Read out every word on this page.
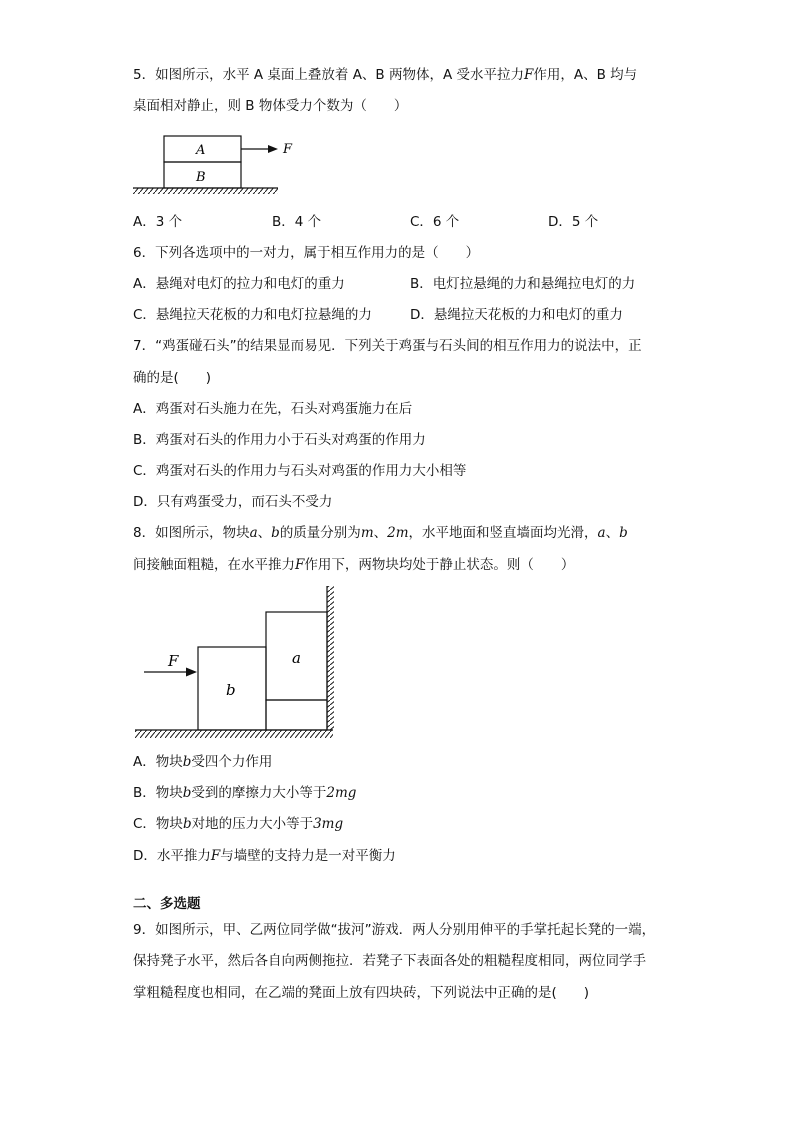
5．如图所示，水平 A 桌面上叠放着 A、B 两物体，A 受水平拉力F作用，A、B 均与
桌面相对静止，则 B 物体受力个数为（　　）
A
B
F
a
b
F
A．3 个	B．4 个	C．6 个	D．5 个
6．下列各选项中的一对力，属于相互作用力的是（　　）
A．悬绳对电灯的拉力和电灯的重力	B．电灯拉悬绳的力和悬绳拉电灯的力
C．悬绳拉天花板的力和电灯拉悬绳的力	D．悬绳拉天花板的力和电灯的重力
7．“鸡蛋碰石头”的结果显而易见．下列关于鸡蛋与石头间的相互作用力的说法中，正
确的是(　　)
A．鸡蛋对石头施力在先，石头对鸡蛋施力在后
B．鸡蛋对石头的作用力小于石头对鸡蛋的作用力
C．鸡蛋对石头的作用力与石头对鸡蛋的作用力大小相等
D．只有鸡蛋受力，而石头不受力
8．如图所示，物块a、b的质量分别为m、2m，水平地面和竖直墙面均光滑，a、b
间接触面粗糙，在水平推力F作用下，两物块均处于静止状态。则（　　）
A．物块b受四个力作用
B．物块b受到的摩擦力大小等于2mg
C．物块b对地的压力大小等于3mg
D．水平推力F与墙壁的支持力是一对平衡力
二、多选题
9．如图所示，甲、乙两位同学做“拔河”游戏．两人分别用伸平的手掌托起长凳的一端，
保持凳子水平，然后各自向两侧拖拉．若凳子下表面各处的粗糙程度相同，两位同学手
掌粗糙程度也相同，在乙端的凳面上放有四块砖，下列说法中正确的是(　　)
